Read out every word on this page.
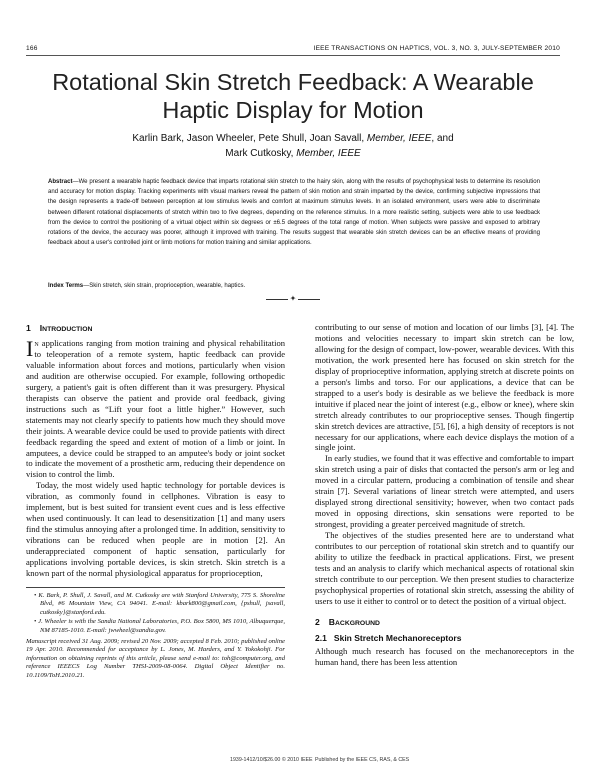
166	IEEE TRANSACTIONS ON HAPTICS, VOL. 3, NO. 3, JULY-SEPTEMBER 2010
Rotational Skin Stretch Feedback: A Wearable Haptic Display for Motion
Karlin Bark, Jason Wheeler, Pete Shull, Joan Savall, Member, IEEE, and
Mark Cutkosky, Member, IEEE
Abstract—We present a wearable haptic feedback device that imparts rotational skin stretch to the hairy skin, along with the results of psychophysical tests to determine its resolution and accuracy for motion display. Tracking experiments with visual markers reveal the pattern of skin motion and strain imparted by the device, confirming subjective impressions that the design represents a trade-off between perception at low stimulus levels and comfort at maximum stimulus levels. In an isolated environment, users were able to discriminate between different rotational displacements of stretch within two to five degrees, depending on the reference stimulus. In a more realistic setting, subjects were able to use feedback from the device to control the positioning of a virtual object within six degrees or ±6.5 degrees of the total range of motion. When subjects were passive and exposed to arbitrary rotations of the device, the accuracy was poorer, although it improved with training. The results suggest that wearable skin stretch devices can be an effective means of providing feedback about a user's controlled joint or limb motions for motion training and similar applications.
Index Terms—Skin stretch, skin strain, proprioception, wearable, haptics.
✦
1 INTRODUCTION

In applications ranging from motion training and physical rehabilitation to teleoperation of a remote system, haptic feedback can provide valuable information about forces and motions, particularly when vision and audition are otherwise occupied. For example, following orthopedic surgery, a patient's gait is often different than it was presurgery. Physical therapists can observe the patient and provide oral feedback, giving instructions such as “Lift your foot a little higher.” However, such statements may not clearly specify to patients how much they should move their joints. A wearable device could be used to provide patients with direct feedback regarding the speed and extent of motion of a limb or joint. In amputees, a device could be strapped to an amputee's body or joint socket to indicate the movement of a prosthetic arm, reducing their dependence on vision to control the limb.

Today, the most widely used haptic technology for portable devices is vibration, as commonly found in cellphones. Vibration is easy to implement, but is best suited for transient event cues and is less effective when used continuously. It can lead to desensitization [1] and many users find the stimulus annoying after a prolonged time. In addition, sensitivity to vibrations can be reduced when people are in motion [2]. An underappreciated component of haptic sensation, particularly for applications involving portable devices, is skin stretch. Skin stretch is a known part of the normal physiological apparatus for proprioception,

• K. Bark, P. Shull, J. Savall, and M. Cutkosky are with Stanford University, 775 S. Shoreline Blvd, #6 Mountain View, CA 94041. E-mail: kbark800@gmail.com, {pshull, jsavall, cutkosky}@stanford.edu.
• J. Wheeler is with the Sandia National Laboratories, P.O. Box 5800, MS 1010, Albuquerque, NM 87185-1010. E-mail: jwwheel@sandia.gov.
Manuscript received 31 Aug. 2009; revised 20 Nov. 2009; accepted 8 Feb. 2010; published online 19 Apr. 2010. Recommended for acceptance by L. Jones, M. Harders, and Y. Yokokohji. For information on obtaining reprints of this article, please send e-mail to: toh@computer.org, and reference IEEECS Log Number THSI-2009-08-0064. Digital Object Identifier no. 10.1109/ToH.2010.21.

contributing to our sense of motion and location of our limbs [3], [4]. The motions and velocities necessary to impart skin stretch can be low, allowing for the design of compact, low-power, wearable devices. With this motivation, the work presented here has focused on skin stretch for the display of proprioceptive information, applying stretch at discrete points on a person's limbs and torso. For our applications, a device that can be strapped to a user's body is desirable as we believe the feedback is more intuitive if placed near the joint of interest (e.g., elbow or knee), where skin stretch already contributes to our proprioceptive senses. Though fingertip skin stretch devices are attractive, [5], [6], a high density of receptors is not necessary for our applications, where each device displays the motion of a single joint.

In early studies, we found that it was effective and comfortable to impart skin stretch using a pair of disks that contacted the person's arm or leg and moved in a circular pattern, producing a combination of tensile and shear strain [7]. Several variations of linear stretch were attempted, and users displayed strong directional sensitivity; however, when two contact pads moved in opposing directions, skin sensations were reported to be strongest, providing a greater perceived magnitude of stretch.

The objectives of the studies presented here are to understand what contributes to our perception of rotational skin stretch and to quantify our ability to utilize the feedback in practical applications. First, we present tests and an analysis to clarify which mechanical aspects of rotational skin stretch contribute to our perception. We then present studies to characterize psychophysical properties of rotational skin stretch, assessing the ability of users to use it either to control or to detect the position of a virtual object.

2 BACKGROUND
2.1 Skin Stretch Mechanoreceptors

Although much research has focused on the mechanoreceptors in the human hand, there has been less attention

1939-1412/10/$26.00 © 2010 IEEE Published by the IEEE CS, RAS, & CES
